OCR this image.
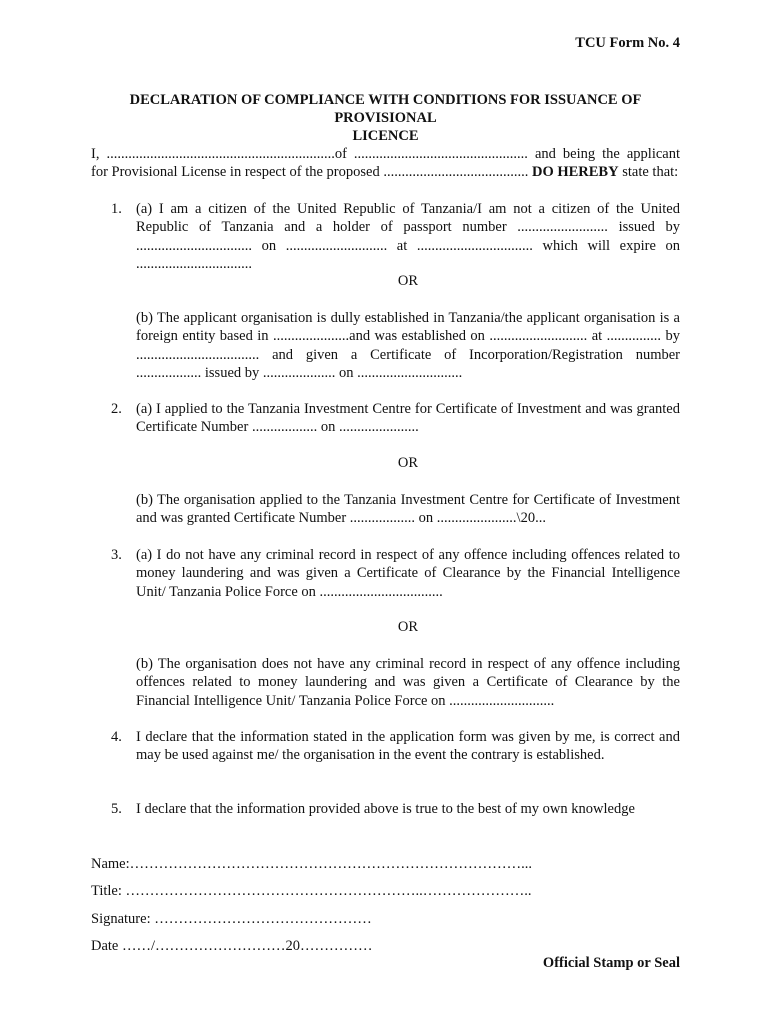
TCU Form No. 4
DECLARATION OF COMPLIANCE WITH CONDITIONS FOR ISSUANCE OF PROVISIONAL
LICENCE
I, ...............................................................of ................................................ and being the applicant for Provisional License in respect of the proposed ........................................ DO HEREBY state that:
1. (a) I am a citizen of the United Republic of Tanzania/I am not a citizen of the United Republic of Tanzania and a holder of passport number ......................... issued by ................................ on ............................ at ................................ which will expire on ................................
OR
(b) The applicant organisation is dully established in Tanzania/the applicant organisation is a foreign entity based in .....................and was established on ........................... at ............... by .................................. and given a Certificate of Incorporation/Registration number .................. issued by .................... on .............................
2. (a) I applied to the Tanzania Investment Centre for Certificate of Investment and was granted Certificate Number .................. on ......................
OR
(b) The organisation applied to the Tanzania Investment Centre for Certificate of Investment and was granted Certificate Number .................. on ......................\20...
3. (a) I do not have any criminal record in respect of any offence including offences related to money laundering and was given a Certificate of Clearance by the Financial Intelligence Unit/ Tanzania Police Force on ..................................
OR
(b) The organisation does not have any criminal record in respect of any offence including offences related to money laundering and was given a Certificate of Clearance by the Financial Intelligence Unit/ Tanzania Police Force on .............................
4. I declare that the information stated in the application form was given by me, is correct and may be used against me/ the organisation in the event the contrary is established.
5. I declare that the information provided above is true to the best of my own knowledge
Name:………………………………………………………………………...
Title: ……………………………………………………..…………………..
Signature: ………………………………………
Date ……/………………………20……………
Official Stamp or Seal
